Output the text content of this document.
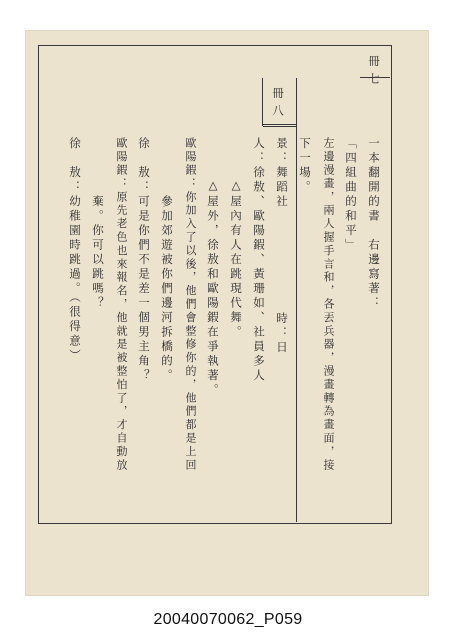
冊七
冊八
一本翻開的書　右邊寫著：
「四組曲的和平」
左邊漫畫，兩人握手言和，各丟兵器，漫畫轉為畫面，接
下一場。
景：舞蹈社
時：日
人：徐敖、歐陽鍜、黃珊如、社員多人
△屋內有人在跳現代舞。
△屋外，徐敖和歐陽鍜在爭執著。
歐陽鍜：你加入了以後，他們會整修你的，他們都是上回
　　　　參加郊遊被你們邊河拆橋的。
徐　敖：可是你們不是差一個男主角？
歐陽鍜：原先老色也來報名，他就是被整怕了，才自動放
　　　　棄。你可以跳嗎？
徐　敖：幼稚園時跳過。（很得意）
20040070062_P059
